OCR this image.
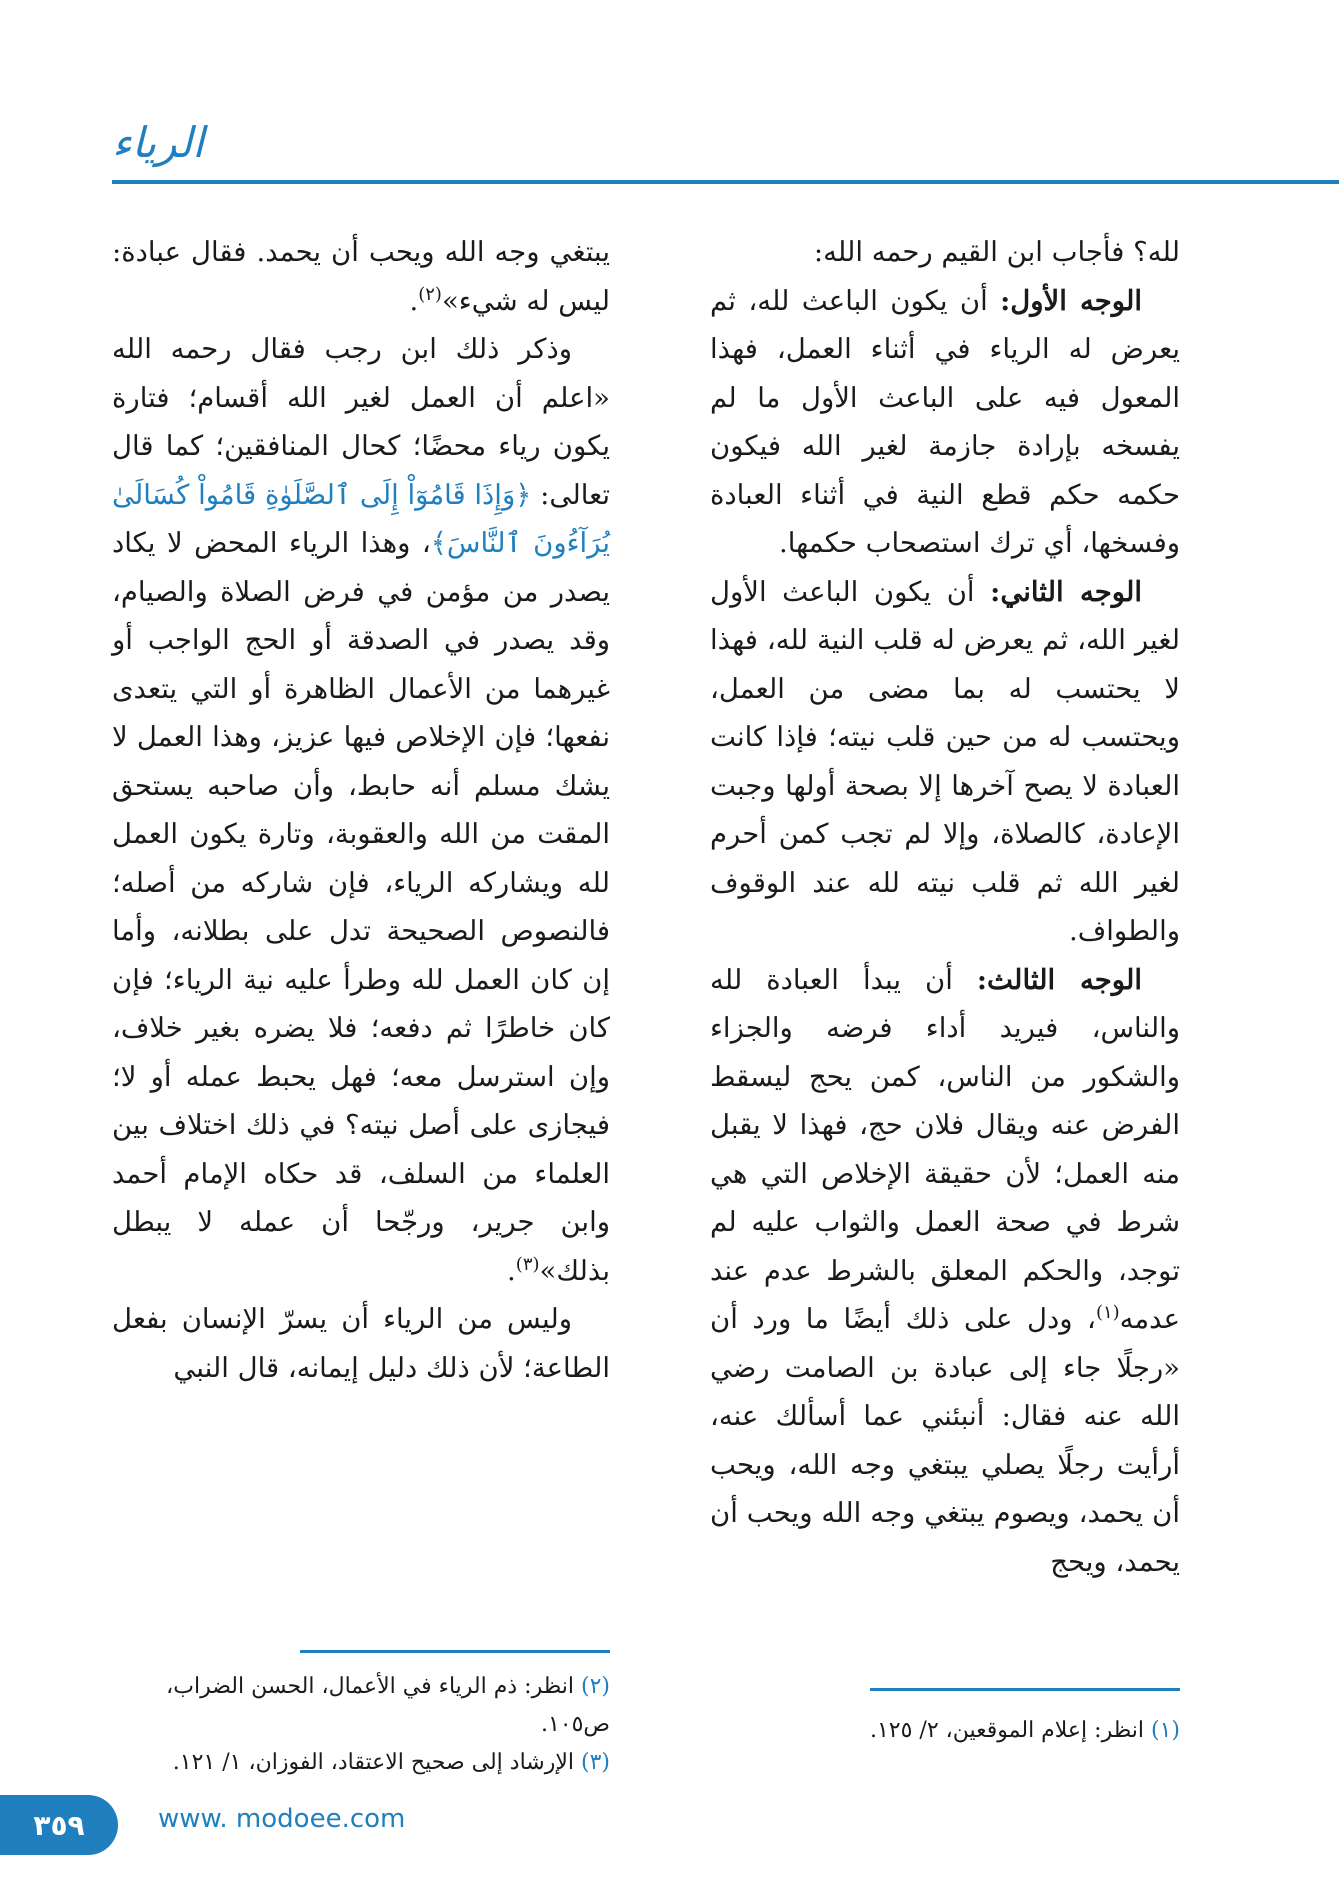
الرياء

لله؟ فأجاب ابن القيم رحمه الله:

الوجه الأول: أن يكون الباعث لله، ثم يعرض له الرياء في أثناء العمل، فهذا المعول فيه على الباعث الأول ما لم يفسخه بإرادة جازمة لغير الله فيكون حكمه حكم قطع النية في أثناء العبادة وفسخها، أي ترك استصحاب حكمها.

الوجه الثاني: أن يكون الباعث الأول لغير الله، ثم يعرض له قلب النية لله، فهذا لا يحتسب له بما مضى من العمل، ويحتسب له من حين قلب نيته؛ فإذا كانت العبادة لا يصح آخرها إلا بصحة أولها وجبت الإعادة، كالصلاة، وإلا لم تجب كمن أحرم لغير الله ثم قلب نيته لله عند الوقوف والطواف.

الوجه الثالث: أن يبدأ العبادة لله والناس، فيريد أداء فرضه والجزاء والشكور من الناس، كمن يحج ليسقط الفرض عنه ويقال فلان حج، فهذا لا يقبل منه العمل؛ لأن حقيقة الإخلاص التي هي شرط في صحة العمل والثواب عليه لم توجد، والحكم المعلق بالشرط عدم عند عدمه$^{(١)}$، ودل على ذلك أيضًا ما ورد أن «رجلًا جاء إلى عبادة بن الصامت رضي الله عنه فقال: أنبئني عما أسألك عنه، أرأيت رجلًا يصلي يبتغي وجه الله، ويحب أن يحمد، ويصوم يبتغي وجه الله ويحب أن يحمد، ويحج

يبتغي وجه الله ويحب أن يحمد. فقال عبادة: ليس له شيء»$^{(٢)}$.

وذكر ذلك ابن رجب فقال رحمه الله «اعلم أن العمل لغير الله أقسام؛ فتارة يكون رياء محضًا؛ كحال المنافقين؛ كما قال تعالى: ﴿وَإِذَا قَامُوٓاْ إِلَى ٱلصَّلَوٰةِ قَامُواْ كُسَالَىٰ يُرَآءُونَ ٱلنَّاسَ﴾، وهذا الرياء المحض لا يكاد يصدر من مؤمن في فرض الصلاة والصيام، وقد يصدر في الصدقة أو الحج الواجب أو غيرهما من الأعمال الظاهرة أو التي يتعدى نفعها؛ فإن الإخلاص فيها عزيز، وهذا العمل لا يشك مسلم أنه حابط، وأن صاحبه يستحق المقت من الله والعقوبة، وتارة يكون العمل لله ويشاركه الرياء، فإن شاركه من أصله؛ فالنصوص الصحيحة تدل على بطلانه، وأما إن كان العمل لله وطرأ عليه نية الرياء؛ فإن كان خاطرًا ثم دفعه؛ فلا يضره بغير خلاف، وإن استرسل معه؛ فهل يحبط عمله أو لا؛ فيجازى على أصل نيته؟ في ذلك اختلاف بين العلماء من السلف، قد حكاه الإمام أحمد وابن جرير، ورجّحا أن عمله لا يبطل بذلك»$^{(٣)}$.

وليس من الرياء أن يسرّ الإنسان بفعل الطاعة؛ لأن ذلك دليل إيمانه، قال النبي

(٢) انظر: ذم الرياء في الأعمال، الحسن الضراب، ص١٠٥.

(٣) الإرشاد إلى صحيح الاعتقاد، الفوزان، ١/ ١٢١.

(١) انظر: إعلام الموقعين، ٢/ ١٢٥.

٣٥٩	www. modoee.com
